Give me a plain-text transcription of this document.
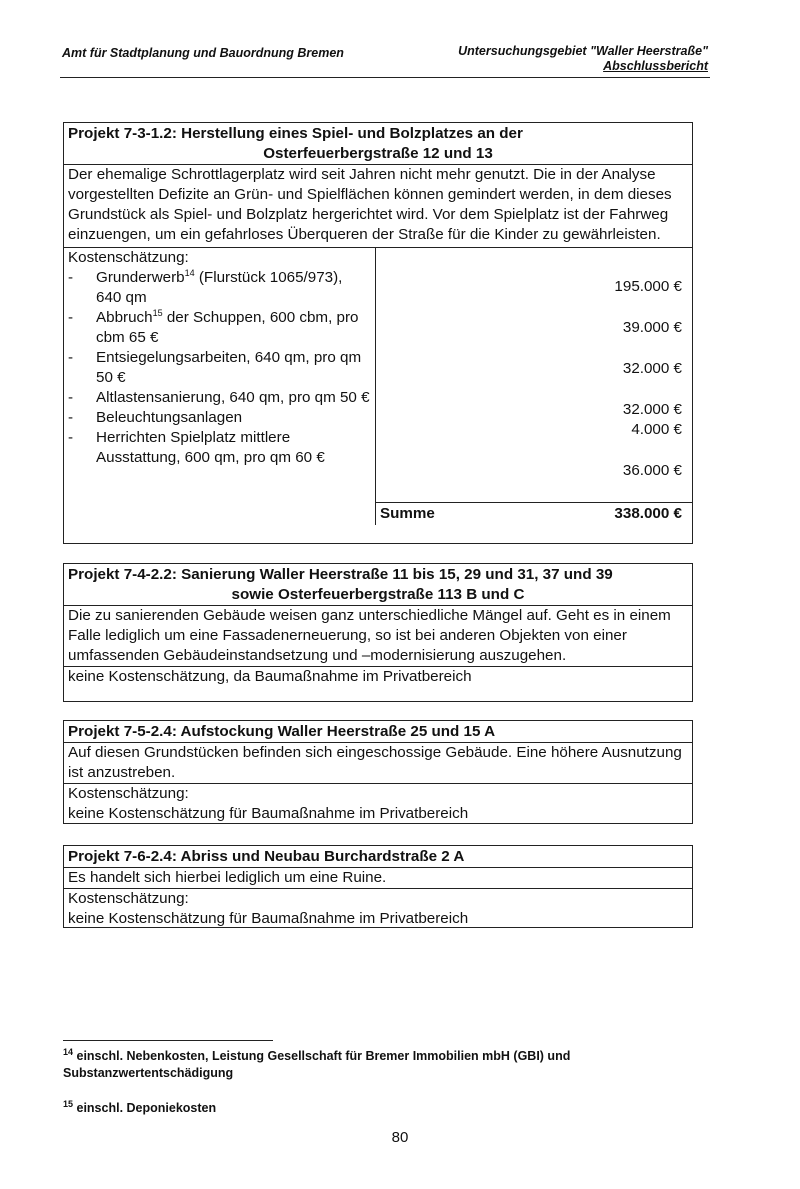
Amt für Stadtplanung und Bauordnung Bremen	Untersuchungsgebiet "Waller Heerstraße"
Abschlussbericht
Projekt 7-3-1.2: Herstellung eines Spiel- und Bolzplatzes an der
Osterfeuerbergstraße 12 und 13
Der ehemalige Schrottlagerplatz wird seit Jahren nicht mehr genutzt. Die in der Analyse vorgestellten Defizite an Grün- und Spielflächen können gemindert werden, in dem dieses Grundstück als Spiel- und Bolzplatz hergerichtet wird. Vor dem Spielplatz ist der Fahrweg einzuengen, um ein gefahrloses Überqueren der Straße für die Kinder zu gewährleisten.
Kostenschätzung:
- Grunderwerb$^{14}$ (Flurstück 1065/973), 640 qm
- Abbruch$^{15}$ der Schuppen, 600 cbm, pro cbm 65 €
- Entsiegelungsarbeiten, 640 qm, pro qm 50 €
- Altlastensanierung, 640 qm, pro qm 50 €
- Beleuchtungsanlagen
- Herrichten Spielplatz mittlere Ausstattung, 600 qm, pro qm 60 €
Summe	338.000 €
195.000 €
39.000 €
32.000 €
32.000 €
4.000 €
36.000 €
Projekt 7-4-2.2: Sanierung Waller Heerstraße 11 bis 15, 29 und 31, 37 und 39
sowie Osterfeuerbergstraße 113 B und C
Die zu sanierenden Gebäude weisen ganz unterschiedliche Mängel auf. Geht es in einem Falle lediglich um eine Fassadenerneuerung, so ist bei anderen Objekten von einer umfassenden Gebäudeinstandsetzung und –modernisierung auszugehen.
keine Kostenschätzung, da Baumaßnahme im Privatbereich
Projekt 7-5-2.4: Aufstockung Waller Heerstraße 25 und 15 A
Auf diesen Grundstücken befinden sich eingeschossige Gebäude. Eine höhere Ausnutzung ist anzustreben.
Kostenschätzung:
keine Kostenschätzung für Baumaßnahme im Privatbereich
Projekt 7-6-2.4: Abriss und Neubau Burchardstraße 2 A
Es handelt sich hierbei lediglich um eine Ruine.
Kostenschätzung:
keine Kostenschätzung für Baumaßnahme im Privatbereich
$^{14}$ einschl. Nebenkosten, Leistung Gesellschaft für Bremer Immobilien mbH (GBI) und Substanzwertentschädigung
$^{15}$ einschl. Deponiekosten
80
